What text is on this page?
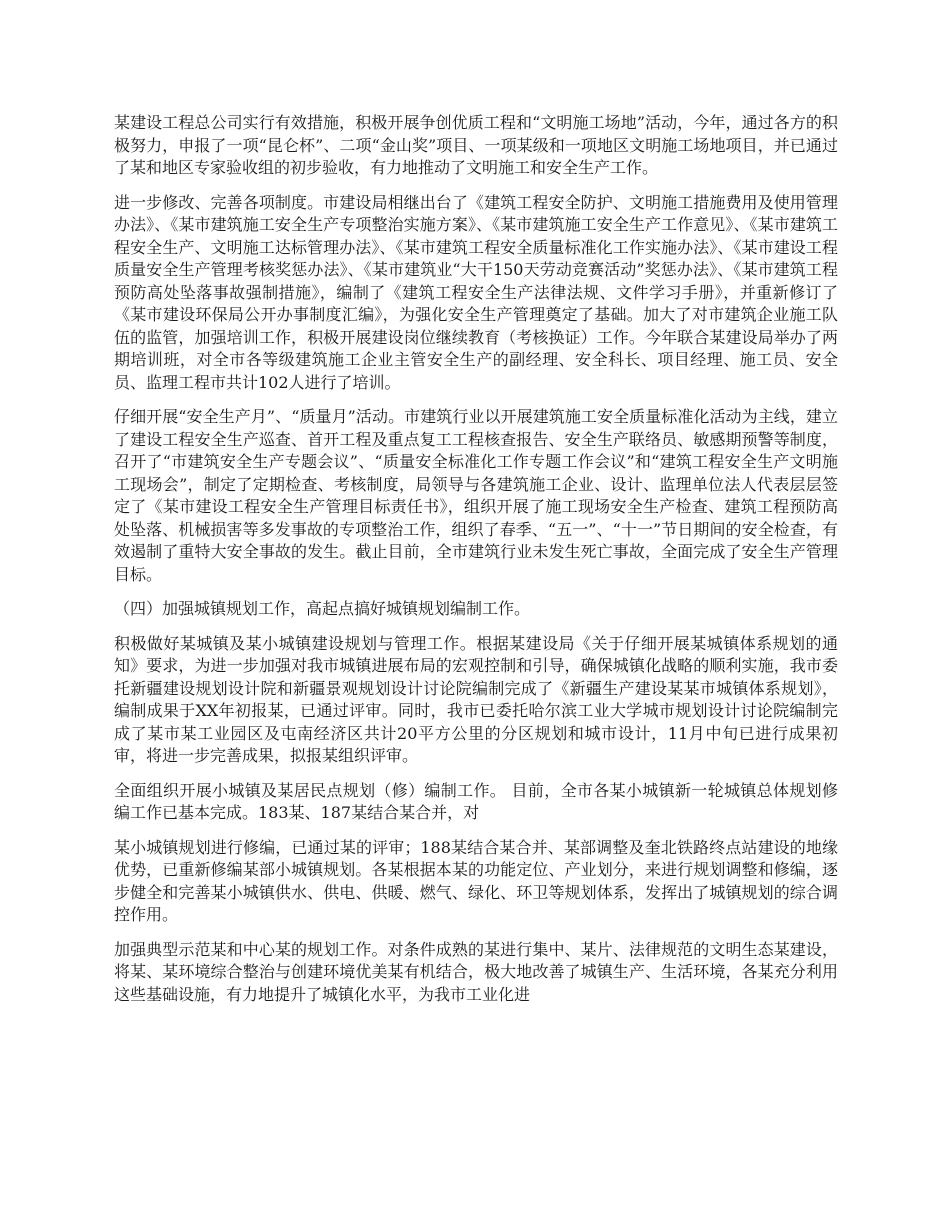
某建设工程总公司实行有效措施，积极开展争创优质工程和“文明施工场地”活动，今年，通过各方的积极努力，申报了一项“昆仑杯”、二项“金山奖”项目、一项某级和一项地区文明施工场地项目，并已通过了某和地区专家验收组的初步验收，有力地推动了文明施工和安全生产工作。

进一步修改、完善各项制度。市建设局相继出台了《建筑工程安全防护、文明施工措施费用及使用管理办法》、《某市建筑施工安全生产专项整治实施方案》、《某市建筑施工安全生产工作意见》、《某市建筑工程安全生产、文明施工达标管理办法》、《某市建筑工程安全质量标准化工作实施办法》、《某市建设工程质量安全生产管理考核奖惩办法》、《某市建筑业“大干150天劳动竞赛活动”奖惩办法》、《某市建筑工程预防高处坠落事故强制措施》，编制了《建筑工程安全生产法律法规、文件学习手册》，并重新修订了《某市建设环保局公开办事制度汇编》，为强化安全生产管理奠定了基础。加大了对市建筑企业施工队伍的监管，加强培训工作，积极开展建设岗位继续教育（考核换证）工作。今年联合某建设局举办了两期培训班，对全市各等级建筑施工企业主管安全生产的副经理、安全科长、项目经理、施工员、安全员、监理工程市共计102人进行了培训。

仔细开展“安全生产月”、“质量月”活动。市建筑行业以开展建筑施工安全质量标准化活动为主线，建立了建设工程安全生产巡查、首开工程及重点复工工程核查报告、安全生产联络员、敏感期预警等制度，召开了“市建筑安全生产专题会议”、“质量安全标准化工作专题工作会议”和“建筑工程安全生产文明施工现场会”，制定了定期检查、考核制度，局领导与各建筑施工企业、设计、监理单位法人代表层层签定了《某市建设工程安全生产管理目标责任书》，组织开展了施工现场安全生产检查、建筑工程预防高处坠落、机械损害等多发事故的专项整治工作，组织了春季、“五一”、“十一”节日期间的安全检查，有效遏制了重特大安全事故的发生。截止目前，全市建筑行业未发生死亡事故，全面完成了安全生产管理目标。

（四）加强城镇规划工作，高起点搞好城镇规划编制工作。

积极做好某城镇及某小城镇建设规划与管理工作。根据某建设局《关于仔细开展某城镇体系规划的通知》要求，为进一步加强对我市城镇进展布局的宏观控制和引导，确保城镇化战略的顺利实施，我市委托新疆建设规划设计院和新疆景观规划设计讨论院编制完成了《新疆生产建设某某市城镇体系规划》，编制成果于XX年初报某，已通过评审。同时，我市已委托哈尔滨工业大学城市规划设计讨论院编制完成了某市某工业园区及屯南经济区共计20平方公里的分区规划和城市设计，11月中旬已进行成果初审，将进一步完善成果，拟报某组织评审。

全面组织开展小城镇及某居民点规划（修）编制工作。 目前，全市各某小城镇新一轮城镇总体规划修编工作已基本完成。183某、187某结合某合并，对

某小城镇规划进行修编，已通过某的评审；188某结合某合并、某部调整及奎北铁路终点站建设的地缘优势，已重新修编某部小城镇规划。各某根据本某的功能定位、产业划分，来进行规划调整和修编，逐步健全和完善某小城镇供水、供电、供暖、燃气、绿化、环卫等规划体系，发挥出了城镇规划的综合调控作用。

加强典型示范某和中心某的规划工作。对条件成熟的某进行集中、某片、法律规范的文明生态某建设，将某、某环境综合整治与创建环境优美某有机结合，极大地改善了城镇生产、生活环境，各某充分利用这些基础设施，有力地提升了城镇化水平，为我市工业化进
